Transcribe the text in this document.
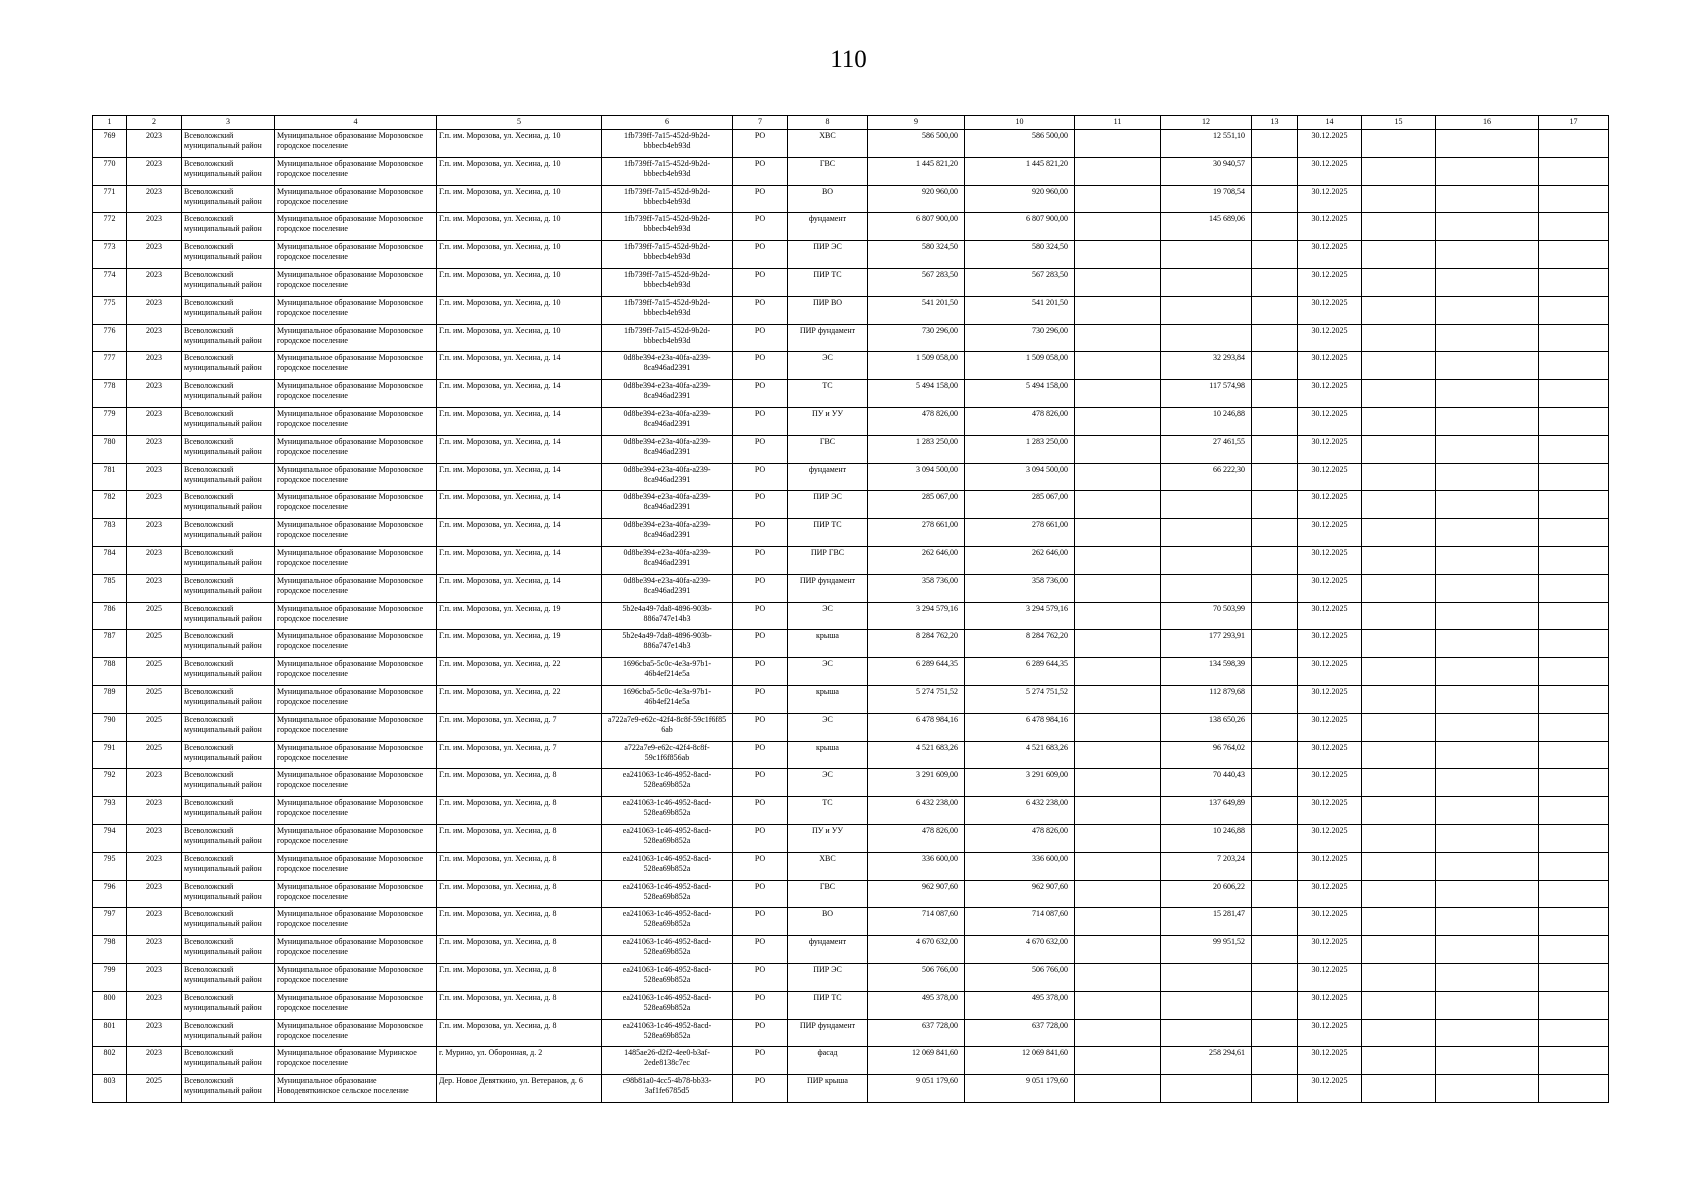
110
1	2	3	4	5	6	7	8	9	10	11	12	13	14	15	16	17
769	2023	Всеволожский муниципальный район	Муниципальное образование Морозовское городское поселение	Г.п. им. Морозова, ул. Хесина, д. 10	1fb739ff-7a15-452d-9b2d-bbbecb4eb93d	РО	ХВС	586 500,00	586 500,00		12 551,10		30.12.2025			
770	2023	Всеволожский муниципальный район	Муниципальное образование Морозовское городское поселение	Г.п. им. Морозова, ул. Хесина, д. 10	1fb739ff-7a15-452d-9b2d-bbbecb4eb93d	РО	ГВС	1 445 821,20	1 445 821,20		30 940,57		30.12.2025			
771	2023	Всеволожский муниципальный район	Муниципальное образование Морозовское городское поселение	Г.п. им. Морозова, ул. Хесина, д. 10	1fb739ff-7a15-452d-9b2d-bbbecb4eb93d	РО	ВО	920 960,00	920 960,00		19 708,54		30.12.2025			
772	2023	Всеволожский муниципальный район	Муниципальное образование Морозовское городское поселение	Г.п. им. Морозова, ул. Хесина, д. 10	1fb739ff-7a15-452d-9b2d-bbbecb4eb93d	РО	фундамент	6 807 900,00	6 807 900,00		145 689,06		30.12.2025			
773	2023	Всеволожский муниципальный район	Муниципальное образование Морозовское городское поселение	Г.п. им. Морозова, ул. Хесина, д. 10	1fb739ff-7a15-452d-9b2d-bbbecb4eb93d	РО	ПИР ЭС	580 324,50	580 324,50				30.12.2025			
774	2023	Всеволожский муниципальный район	Муниципальное образование Морозовское городское поселение	Г.п. им. Морозова, ул. Хесина, д. 10	1fb739ff-7a15-452d-9b2d-bbbecb4eb93d	РО	ПИР ТС	567 283,50	567 283,50				30.12.2025			
775	2023	Всеволожский муниципальный район	Муниципальное образование Морозовское городское поселение	Г.п. им. Морозова, ул. Хесина, д. 10	1fb739ff-7a15-452d-9b2d-bbbecb4eb93d	РО	ПИР ВО	541 201,50	541 201,50				30.12.2025			
776	2023	Всеволожский муниципальный район	Муниципальное образование Морозовское городское поселение	Г.п. им. Морозова, ул. Хесина, д. 10	1fb739ff-7a15-452d-9b2d-bbbecb4eb93d	РО	ПИР фундамент	730 296,00	730 296,00				30.12.2025			
777	2023	Всеволожский муниципальный район	Муниципальное образование Морозовское городское поселение	Г.п. им. Морозова, ул. Хесина, д. 14	0d8be394-e23a-40fa-a239-8ca946ad2391	РО	ЭС	1 509 058,00	1 509 058,00		32 293,84		30.12.2025			
778	2023	Всеволожский муниципальный район	Муниципальное образование Морозовское городское поселение	Г.п. им. Морозова, ул. Хесина, д. 14	0d8be394-e23a-40fa-a239-8ca946ad2391	РО	ТС	5 494 158,00	5 494 158,00		117 574,98		30.12.2025			
779	2023	Всеволожский муниципальный район	Муниципальное образование Морозовское городское поселение	Г.п. им. Морозова, ул. Хесина, д. 14	0d8be394-e23a-40fa-a239-8ca946ad2391	РО	ПУ и УУ	478 826,00	478 826,00		10 246,88		30.12.2025			
780	2023	Всеволожский муниципальный район	Муниципальное образование Морозовское городское поселение	Г.п. им. Морозова, ул. Хесина, д. 14	0d8be394-e23a-40fa-a239-8ca946ad2391	РО	ГВС	1 283 250,00	1 283 250,00		27 461,55		30.12.2025			
781	2023	Всеволожский муниципальный район	Муниципальное образование Морозовское городское поселение	Г.п. им. Морозова, ул. Хесина, д. 14	0d8be394-e23a-40fa-a239-8ca946ad2391	РО	фундамент	3 094 500,00	3 094 500,00		66 222,30		30.12.2025			
782	2023	Всеволожский муниципальный район	Муниципальное образование Морозовское городское поселение	Г.п. им. Морозова, ул. Хесина, д. 14	0d8be394-e23a-40fa-a239-8ca946ad2391	РО	ПИР ЭС	285 067,00	285 067,00				30.12.2025			
783	2023	Всеволожский муниципальный район	Муниципальное образование Морозовское городское поселение	Г.п. им. Морозова, ул. Хесина, д. 14	0d8be394-e23a-40fa-a239-8ca946ad2391	РО	ПИР ТС	278 661,00	278 661,00				30.12.2025			
784	2023	Всеволожский муниципальный район	Муниципальное образование Морозовское городское поселение	Г.п. им. Морозова, ул. Хесина, д. 14	0d8be394-e23a-40fa-a239-8ca946ad2391	РО	ПИР ГВС	262 646,00	262 646,00				30.12.2025			
785	2023	Всеволожский муниципальный район	Муниципальное образование Морозовское городское поселение	Г.п. им. Морозова, ул. Хесина, д. 14	0d8be394-e23a-40fa-a239-8ca946ad2391	РО	ПИР фундамент	358 736,00	358 736,00				30.12.2025			
786	2025	Всеволожский муниципальный район	Муниципальное образование Морозовское городское поселение	Г.п. им. Морозова, ул. Хесина, д. 19	5b2e4a49-7da8-4896-903b-886a747e14b3	РО	ЭС	3 294 579,16	3 294 579,16		70 503,99		30.12.2025			
787	2025	Всеволожский муниципальный район	Муниципальное образование Морозовское городское поселение	Г.п. им. Морозова, ул. Хесина, д. 19	5b2e4a49-7da8-4896-903b-886a747e14b3	РО	крыша	8 284 762,20	8 284 762,20		177 293,91		30.12.2025			
788	2025	Всеволожский муниципальный район	Муниципальное образование Морозовское городское поселение	Г.п. им. Морозова, ул. Хесина, д. 22	1696cba5-5c0c-4e3a-97b1-46b4ef214e5a	РО	ЭС	6 289 644,35	6 289 644,35		134 598,39		30.12.2025			
789	2025	Всеволожский муниципальный район	Муниципальное образование Морозовское городское поселение	Г.п. им. Морозова, ул. Хесина, д. 22	1696cba5-5c0c-4e3a-97b1-46b4ef214e5a	РО	крыша	5 274 751,52	5 274 751,52		112 879,68		30.12.2025			
790	2025	Всеволожский муниципальный район	Муниципальное образование Морозовское городское поселение	Г.п. им. Морозова, ул. Хесина, д. 7	a722a7e9-e62c-42f4-8c8f-59c1f6f85 6ab	РО	ЭС	6 478 984,16	6 478 984,16		138 650,26		30.12.2025			
791	2025	Всеволожский муниципальный район	Муниципальное образование Морозовское городское поселение	Г.п. им. Морозова, ул. Хесина, д. 7	a722a7e9-e62c-42f4-8c8f-59c1f6f856ab	РО	крыша	4 521 683,26	4 521 683,26		96 764,02		30.12.2025			
792	2023	Всеволожский муниципальный район	Муниципальное образование Морозовское городское поселение	Г.п. им. Морозова, ул. Хесина, д. 8	ea241063-1c46-4952-8acd-528ea69b852a	РО	ЭС	3 291 609,00	3 291 609,00		70 440,43		30.12.2025			
793	2023	Всеволожский муниципальный район	Муниципальное образование Морозовское городское поселение	Г.п. им. Морозова, ул. Хесина, д. 8	ea241063-1c46-4952-8acd-528ea69b852a	РО	ТС	6 432 238,00	6 432 238,00		137 649,89		30.12.2025			
794	2023	Всеволожский муниципальный район	Муниципальное образование Морозовское городское поселение	Г.п. им. Морозова, ул. Хесина, д. 8	ea241063-1c46-4952-8acd-528ea69b852a	РО	ПУ и УУ	478 826,00	478 826,00		10 246,88		30.12.2025			
795	2023	Всеволожский муниципальный район	Муниципальное образование Морозовское городское поселение	Г.п. им. Морозова, ул. Хесина, д. 8	ea241063-1c46-4952-8acd-528ea69b852a	РО	ХВС	336 600,00	336 600,00		7 203,24		30.12.2025			
796	2023	Всеволожский муниципальный район	Муниципальное образование Морозовское городское поселение	Г.п. им. Морозова, ул. Хесина, д. 8	ea241063-1c46-4952-8acd-528ea69b852a	РО	ГВС	962 907,60	962 907,60		20 606,22		30.12.2025			
797	2023	Всеволожский муниципальный район	Муниципальное образование Морозовское городское поселение	Г.п. им. Морозова, ул. Хесина, д. 8	ea241063-1c46-4952-8acd-528ea69b852a	РО	ВО	714 087,60	714 087,60		15 281,47		30.12.2025			
798	2023	Всеволожский муниципальный район	Муниципальное образование Морозовское городское поселение	Г.п. им. Морозова, ул. Хесина, д. 8	ea241063-1c46-4952-8acd-528ea69b852a	РО	фундамент	4 670 632,00	4 670 632,00		99 951,52		30.12.2025			
799	2023	Всеволожский муниципальный район	Муниципальное образование Морозовское городское поселение	Г.п. им. Морозова, ул. Хесина, д. 8	ea241063-1c46-4952-8acd-528ea69b852a	РО	ПИР ЭС	506 766,00	506 766,00				30.12.2025			
800	2023	Всеволожский муниципальный район	Муниципальное образование Морозовское городское поселение	Г.п. им. Морозова, ул. Хесина, д. 8	ea241063-1c46-4952-8acd-528ea69b852a	РО	ПИР ТС	495 378,00	495 378,00				30.12.2025			
801	2023	Всеволожский муниципальный район	Муниципальное образование Морозовское городское поселение	Г.п. им. Морозова, ул. Хесина, д. 8	ea241063-1c46-4952-8acd-528ea69b852a	РО	ПИР фундамент	637 728,00	637 728,00				30.12.2025			
802	2023	Всеволожский муниципальный район	Муниципальное образование Муринское городское поселение	г. Мурино, ул. Оборонная, д. 2	1485ae26-d2f2-4ee0-b3af-2ede8138c7ec	РО	фасад	12 069 841,60	12 069 841,60		258 294,61		30.12.2025			
803	2025	Всеволожский муниципальный район	Муниципальное образование Новодевяткинское сельское поселение	Дер. Новое Девяткино, ул. Ветеранов, д. 6	c98b81a0-4cc5-4b78-bb33-3af1fe6785d5	РО	ПИР крыша	9 051 179,60	9 051 179,60				30.12.2025			
